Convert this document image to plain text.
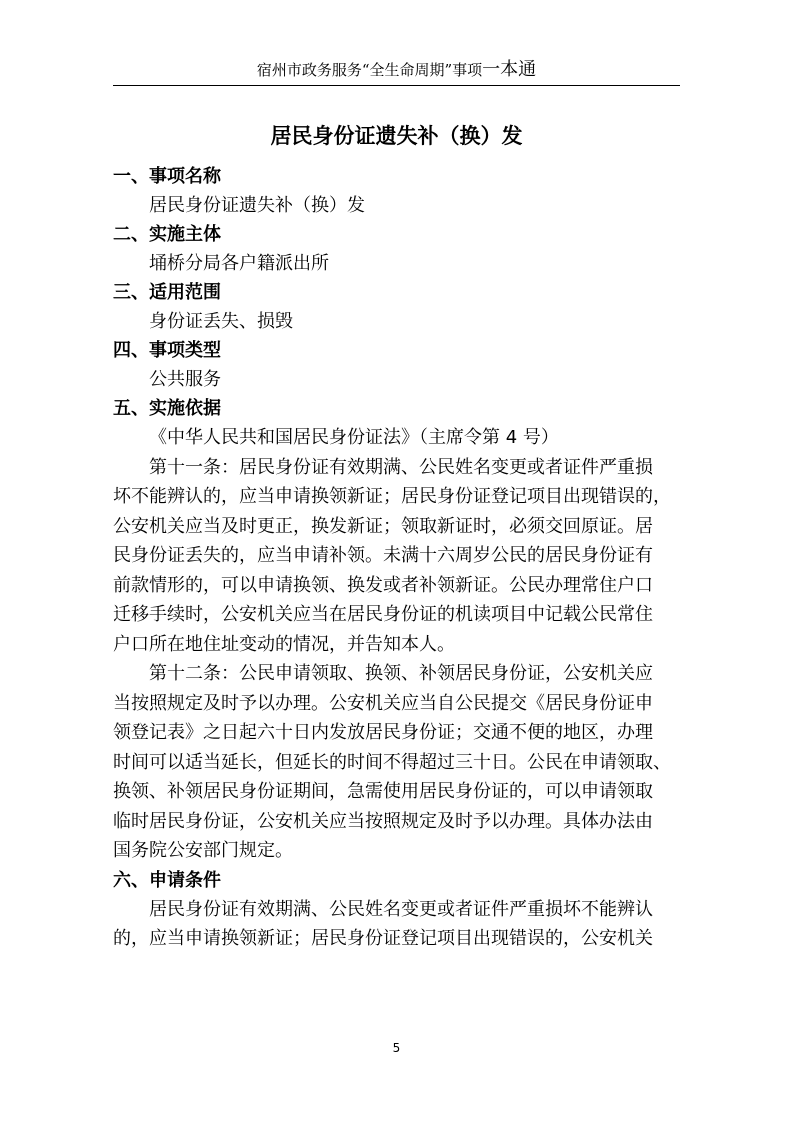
宿州市政务服务“全生命周期”事项一本通
居民身份证遗失补（换）发
一、事项名称
居民身份证遗失补（换）发
二、实施主体
埇桥分局各户籍派出所
三、适用范围
身份证丢失、损毁
四、事项类型
公共服务
五、实施依据
《中华人民共和国居民身份证法》（主席令第 4 号）
第十一条：居民身份证有效期满、公民姓名变更或者证件严重损
坏不能辨认的，应当申请换领新证；居民身份证登记项目出现错误的，
公安机关应当及时更正，换发新证；领取新证时，必须交回原证。居
民身份证丢失的，应当申请补领。未满十六周岁公民的居民身份证有
前款情形的，可以申请换领、换发或者补领新证。公民办理常住户口
迁移手续时，公安机关应当在居民身份证的机读项目中记载公民常住
户口所在地住址变动的情况，并告知本人。
第十二条：公民申请领取、换领、补领居民身份证，公安机关应
当按照规定及时予以办理。公安机关应当自公民提交《居民身份证申
领登记表》之日起六十日内发放居民身份证；交通不便的地区，办理
时间可以适当延长，但延长的时间不得超过三十日。公民在申请领取、
换领、补领居民身份证期间，急需使用居民身份证的，可以申请领取
临时居民身份证，公安机关应当按照规定及时予以办理。具体办法由
国务院公安部门规定。
六、申请条件
居民身份证有效期满、公民姓名变更或者证件严重损坏不能辨认
的，应当申请换领新证；居民身份证登记项目出现错误的，公安机关
5
